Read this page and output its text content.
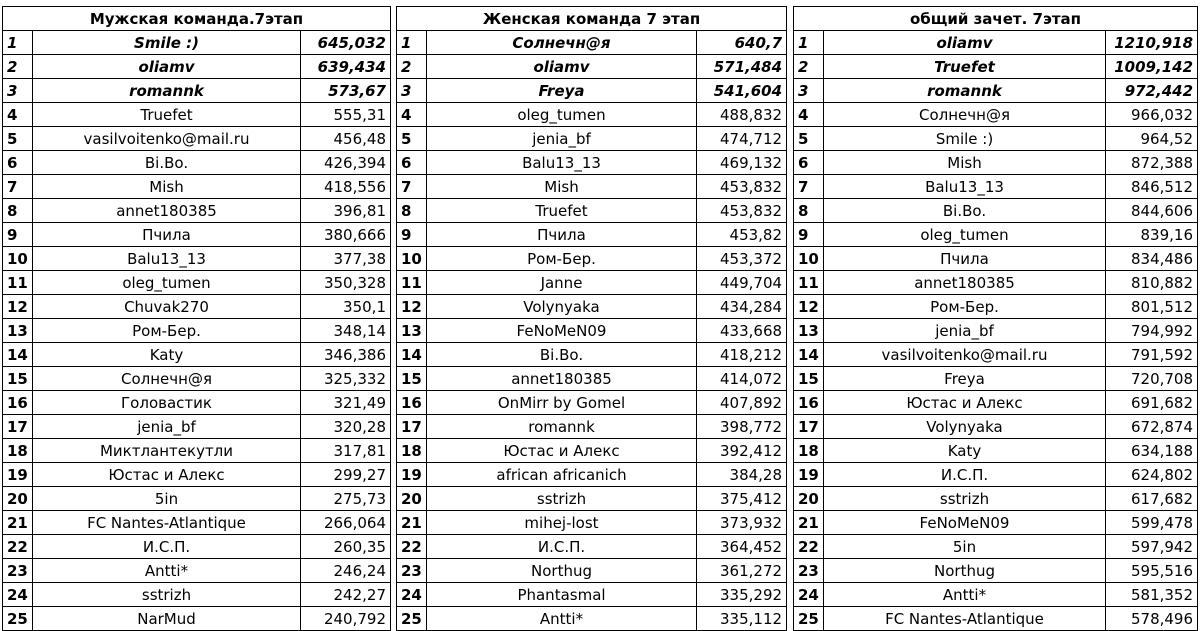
Мужская команда.7этап		
1	Smile :)	645,032
2	oliamv	639,434
3	romannk	573,67
4	Truefet	555,31
5	vasilvoitenko@mail.ru	456,48
6	Bi.Bo.	426,394
7	Mish	418,556
8	annet180385	396,81
9	Пчила	380,666
10	Balu13_13	377,38
11	oleg_tumen	350,328
12	Chuvak270	350,1
13	Ром-Бер.	348,14
14	Katy	346,386
15	Солнечн@я	325,332
16	Головастик	321,49
17	jenia_bf	320,28
18	Миктлантекутли	317,81
19	Юстас и Алекс	299,27
20	5in	275,73
21	FC Nantes-Atlantique	266,064
22	И.С.П.	260,35
23	Antti*	246,24
24	sstrizh	242,27
25	NarMud	240,792
Женская команда 7 этап		
1	Солнечн@я	640,7
2	oliamv	571,484
3	Freya	541,604
4	oleg_tumen	488,832
5	jenia_bf	474,712
6	Balu13_13	469,132
7	Mish	453,832
8	Truefet	453,832
9	Пчила	453,82
10	Ром-Бер.	453,372
11	Janne	449,704
12	Volynyaka	434,284
13	FeNoMeN09	433,668
14	Bi.Bo.	418,212
15	annet180385	414,072
16	OnMirr by Gomel	407,892
17	romannk	398,772
18	Юстас и Алекс	392,412
19	african africanich	384,28
20	sstrizh	375,412
21	mihej-lost	373,932
22	И.С.П.	364,452
23	Northug	361,272
24	Phantasmal	335,292
25	Antti*	335,112
общий зачет. 7этап		
1	oliamv	1210,918
2	Truefet	1009,142
3	romannk	972,442
4	Солнечн@я	966,032
5	Smile :)	964,52
6	Mish	872,388
7	Balu13_13	846,512
8	Bi.Bo.	844,606
9	oleg_tumen	839,16
10	Пчила	834,486
11	annet180385	810,882
12	Ром-Бер.	801,512
13	jenia_bf	794,992
14	vasilvoitenko@mail.ru	791,592
15	Freya	720,708
16	Юстас и Алекс	691,682
17	Volynyaka	672,874
18	Katy	634,188
19	И.С.П.	624,802
20	sstrizh	617,682
21	FeNoMeN09	599,478
22	5in	597,942
23	Northug	595,516
24	Antti*	581,352
25	FC Nantes-Atlantique	578,496
